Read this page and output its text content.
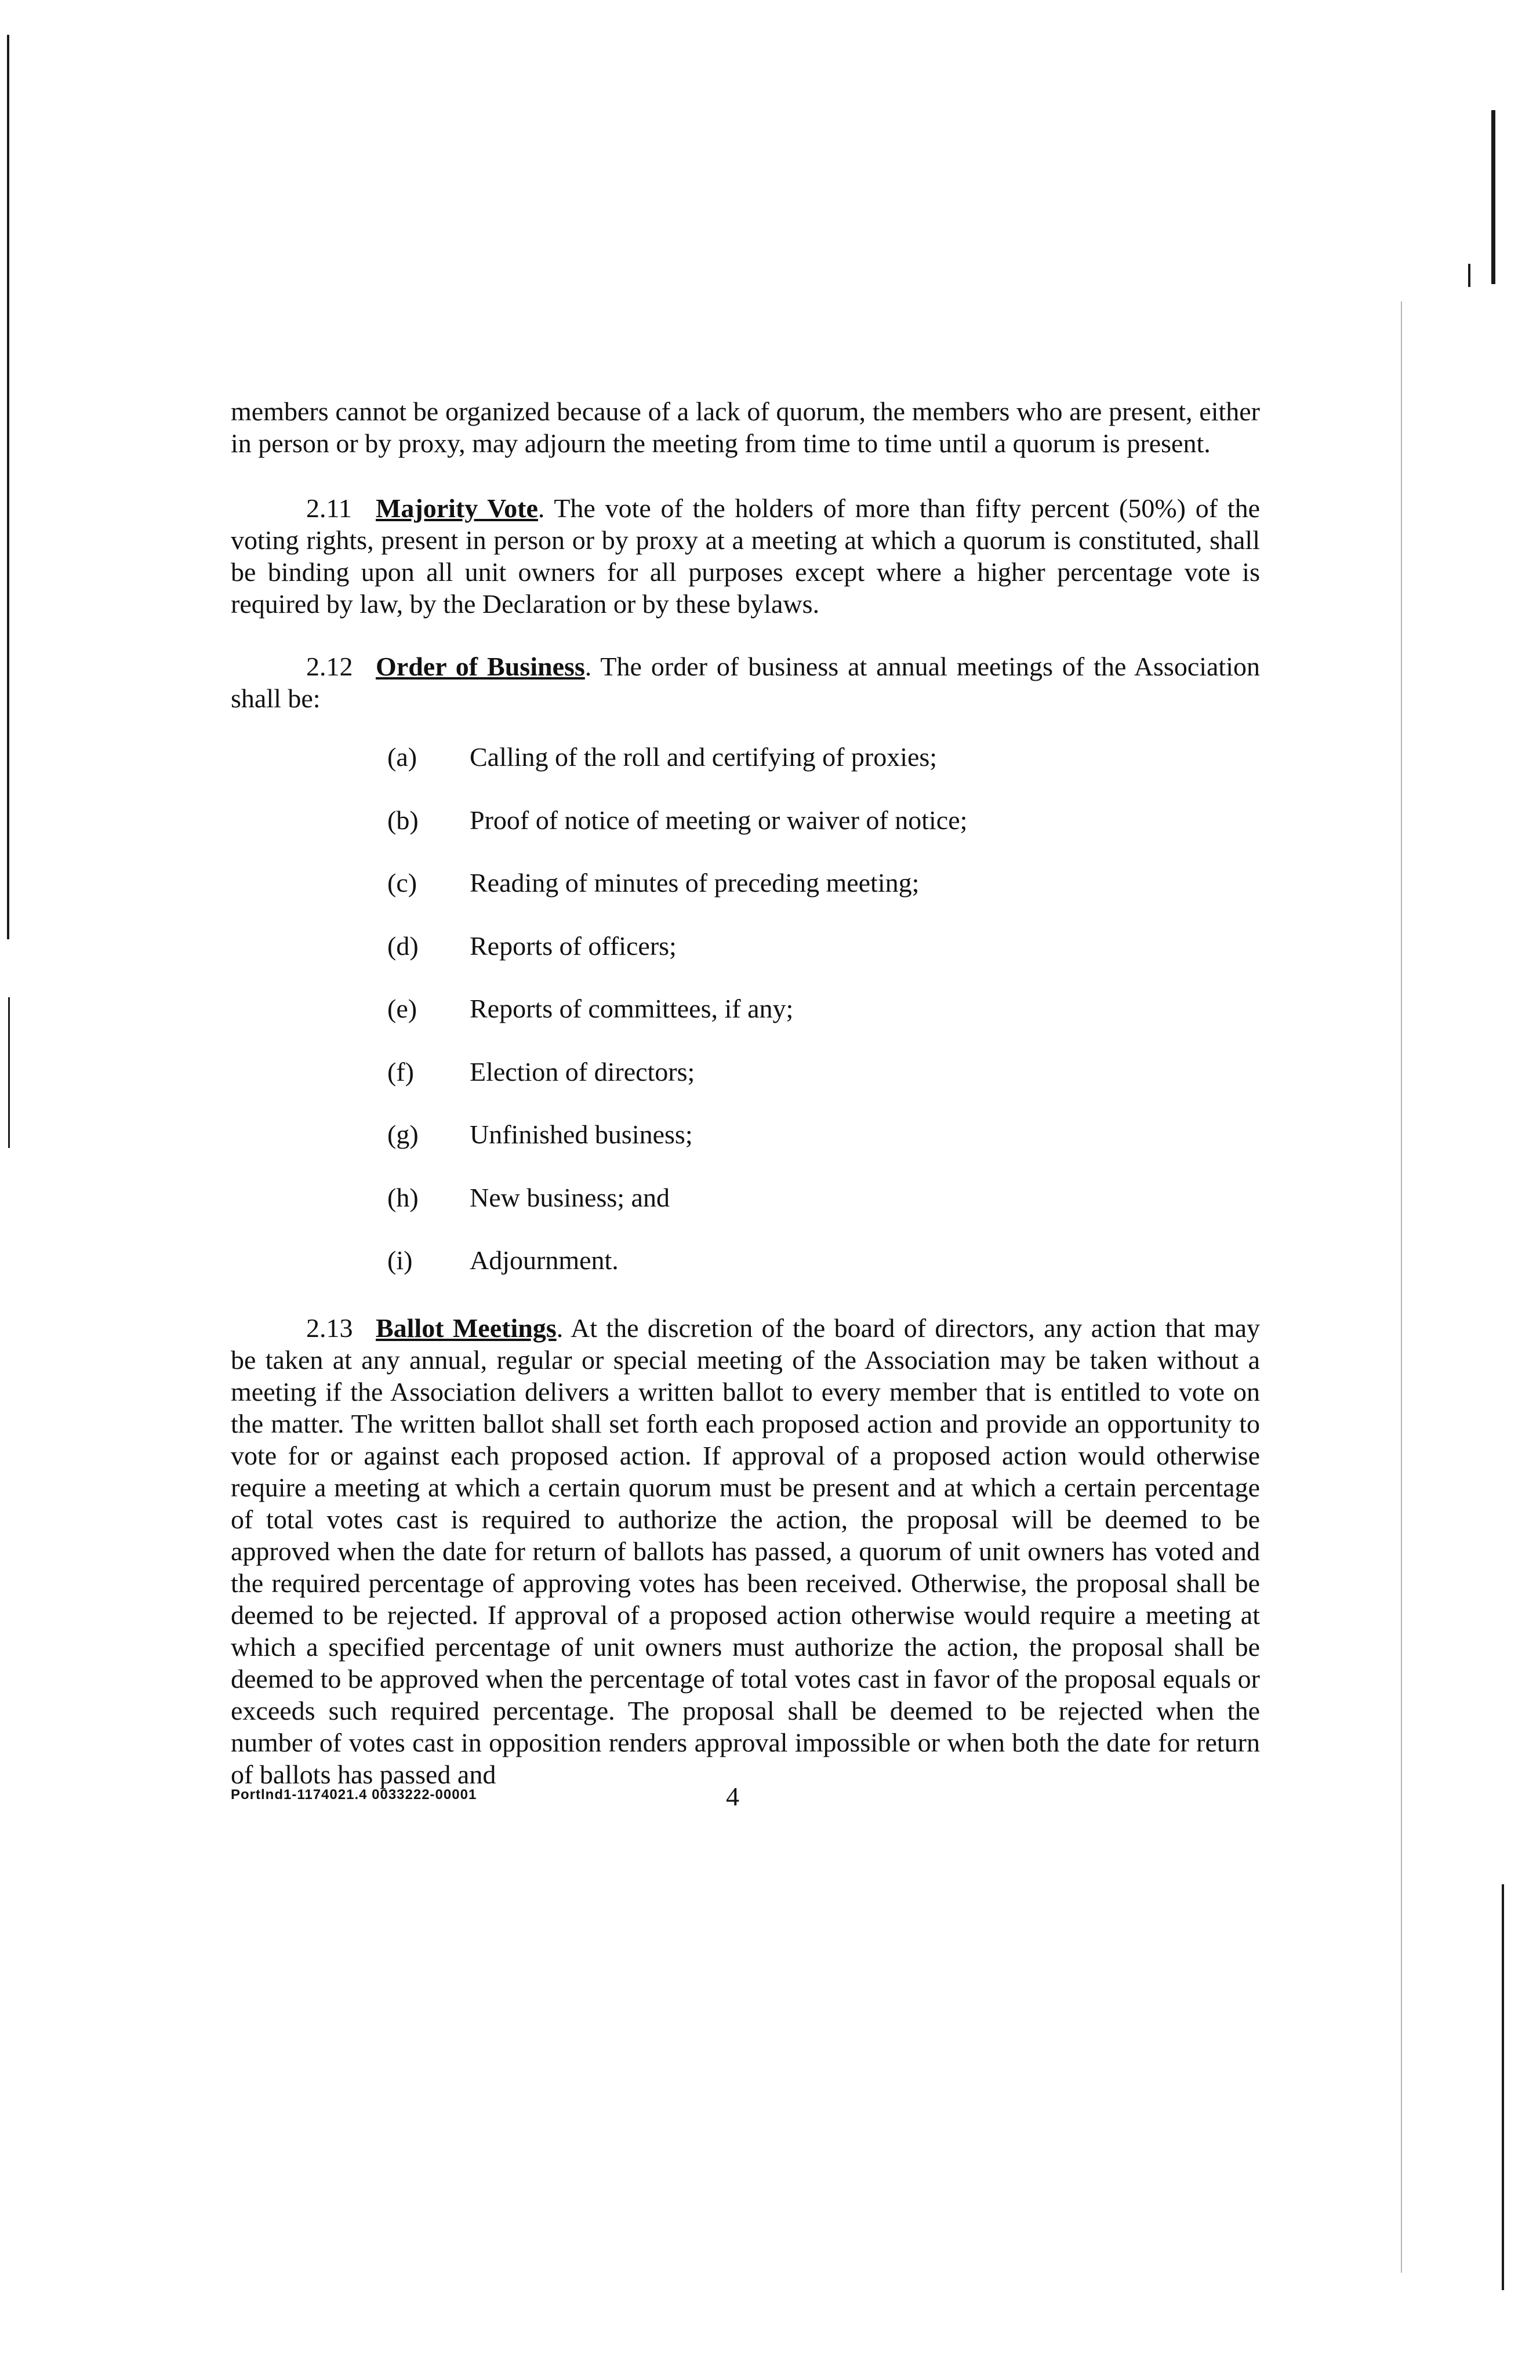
members cannot be organized because of a lack of quorum, the members who are present, either in person or by proxy, may adjourn the meeting from time to time until a quorum is present.
2.11 Majority Vote. The vote of the holders of more than fifty percent (50%) of the voting rights, present in person or by proxy at a meeting at which a quorum is constituted, shall be binding upon all unit owners for all purposes except where a higher percentage vote is required by law, by the Declaration or by these bylaws.
2.12 Order of Business. The order of business at annual meetings of the Association shall be:
(a)	Calling of the roll and certifying of proxies;
(b)	Proof of notice of meeting or waiver of notice;
(c)	Reading of minutes of preceding meeting;
(d)	Reports of officers;
(e)	Reports of committees, if any;
(f)	Election of directors;
(g)	Unfinished business;
(h)	New business; and
(i)	Adjournment.
2.13 Ballot Meetings. At the discretion of the board of directors, any action that may be taken at any annual, regular or special meeting of the Association may be taken without a meeting if the Association delivers a written ballot to every member that is entitled to vote on the matter. The written ballot shall set forth each proposed action and provide an opportunity to vote for or against each proposed action. If approval of a proposed action would otherwise require a meeting at which a certain quorum must be present and at which a certain percentage of total votes cast is required to authorize the action, the proposal will be deemed to be approved when the date for return of ballots has passed, a quorum of unit owners has voted and the required percentage of approving votes has been received. Otherwise, the proposal shall be deemed to be rejected. If approval of a proposed action otherwise would require a meeting at which a specified percentage of unit owners must authorize the action, the proposal shall be deemed to be approved when the percentage of total votes cast in favor of the proposal equals or exceeds such required percentage. The proposal shall be deemed to be rejected when the number of votes cast in opposition renders approval impossible or when both the date for return of ballots has passed and
Portlnd1-1174021.4 0033222-00001	4
